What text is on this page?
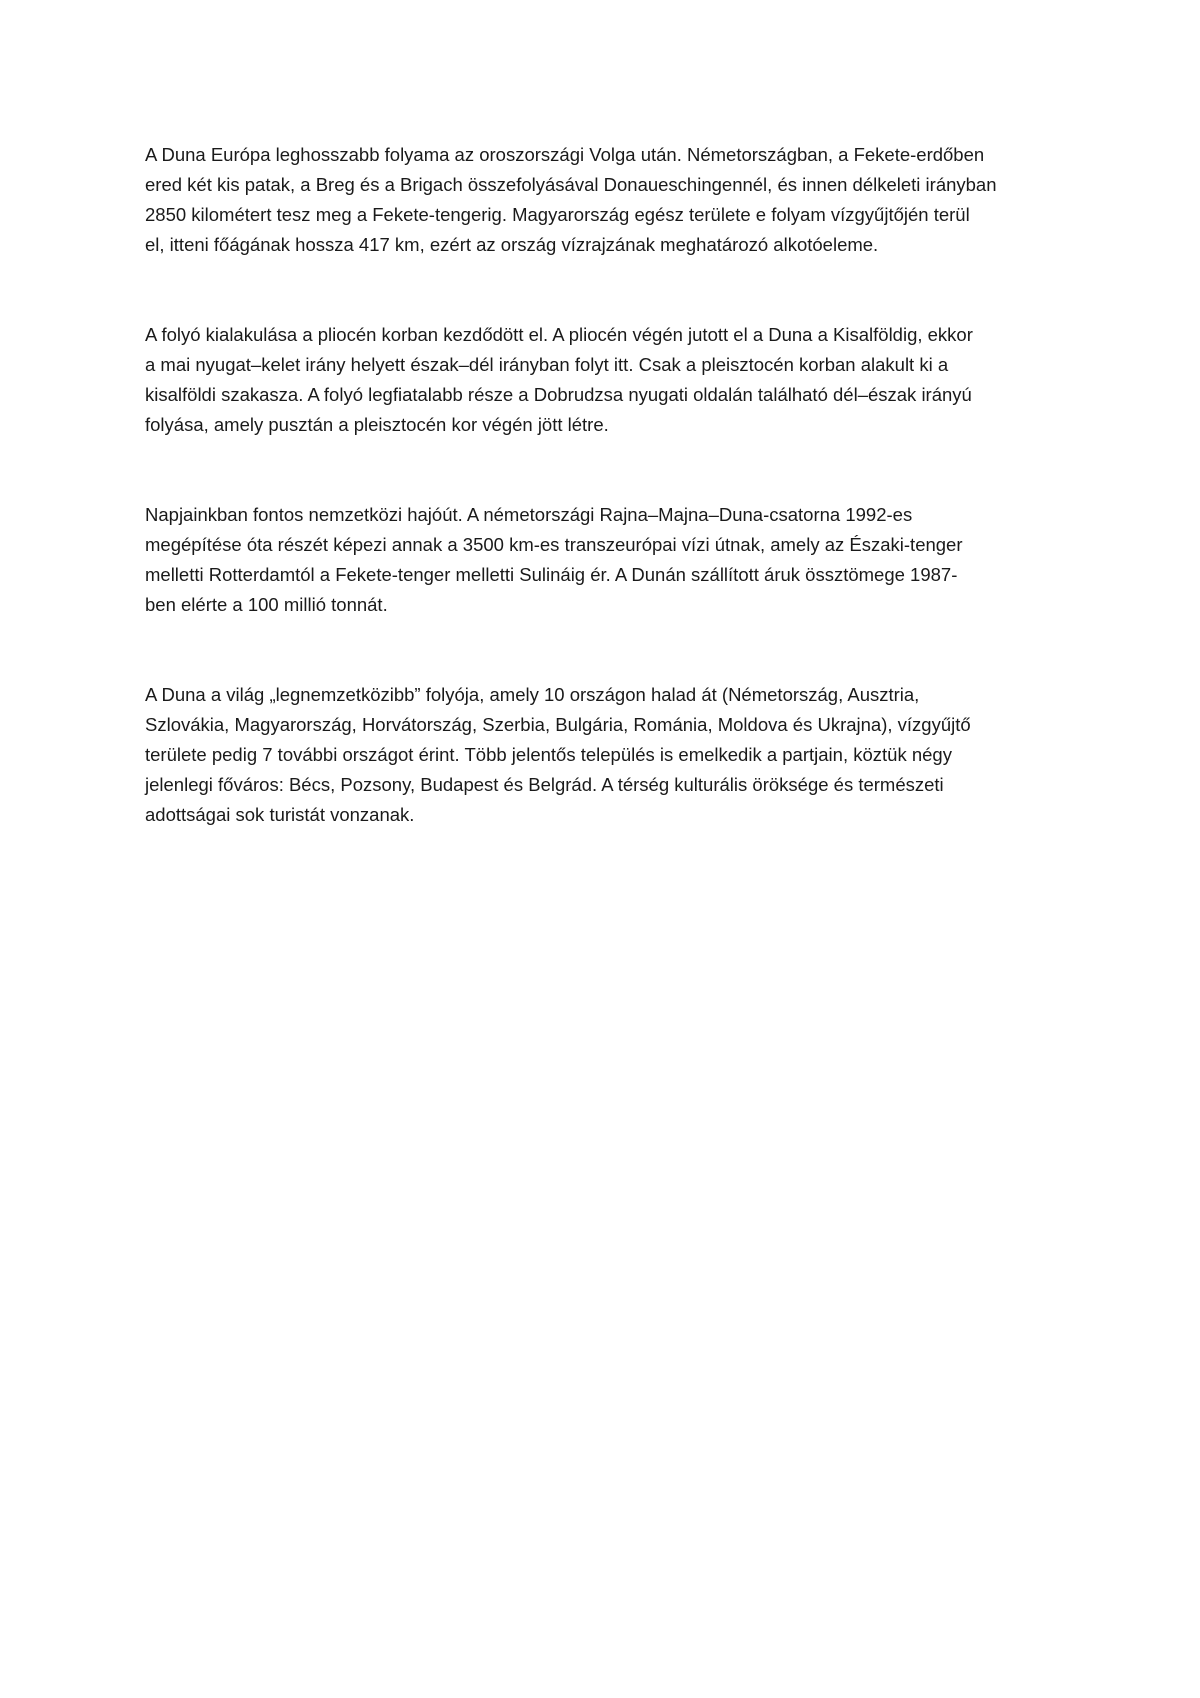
A Duna Európa leghosszabb folyama az oroszországi Volga után. Németországban, a Fekete-erdőben
ered két kis patak, a Breg és a Brigach összefolyásával Donaueschingennél, és innen délkeleti irányban
2850 kilométert tesz meg a Fekete-tengerig. Magyarország egész területe e folyam vízgyűjtőjén terül
el, itteni főágának hossza 417 km, ezért az ország vízrajzának meghatározó alkotóeleme.

A folyó kialakulása a pliocén korban kezdődött el. A pliocén végén jutott el a Duna a Kisalföldig, ekkor
a mai nyugat–kelet irány helyett észak–dél irányban folyt itt. Csak a pleisztocén korban alakult ki a
kisalföldi szakasza. A folyó legfiatalabb része a Dobrudzsa nyugati oldalán található dél–észak irányú
folyása, amely pusztán a pleisztocén kor végén jött létre.

Napjainkban fontos nemzetközi hajóút. A németországi Rajna–Majna–Duna-csatorna 1992-es
megépítése óta részét képezi annak a 3500 km-es transzeurópai vízi útnak, amely az Északi-tenger
melletti Rotterdamtól a Fekete-tenger melletti Sulináig ér. A Dunán szállított áruk össztömege 1987-
ben elérte a 100 millió tonnát.

A Duna a világ „legnemzetközibb” folyója, amely 10 országon halad át (Németország, Ausztria,
Szlovákia, Magyarország, Horvátország, Szerbia, Bulgária, Románia, Moldova és Ukrajna), vízgyűjtő
területe pedig 7 további országot érint. Több jelentős település is emelkedik a partjain, köztük négy
jelenlegi főváros: Bécs, Pozsony, Budapest és Belgrád. A térség kulturális öröksége és természeti
adottságai sok turistát vonzanak.
